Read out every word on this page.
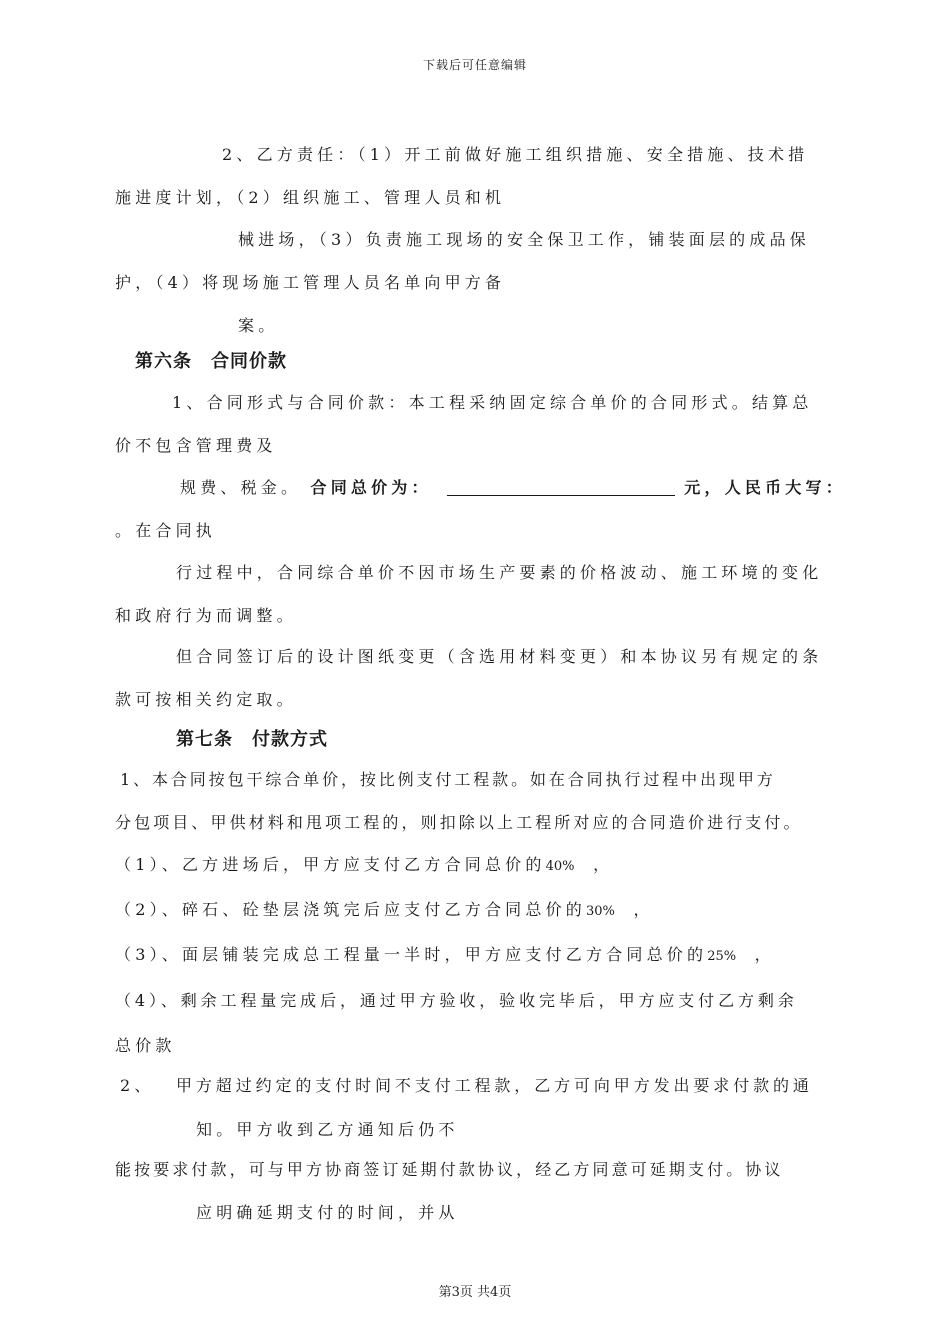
下载后可任意编辑
2、乙方责任：（1）开工前做好施工组织措施、安全措施、技术措
施进度计划，（2）组织施工、管理人员和机
械进场，（3）负责施工现场的安全保卫工作，铺装面层的成品保
护，（4）将现场施工管理人员名单向甲方备
案。
第六条　合同价款
1、合同形式与合同价款：本工程采纳固定综合单价的合同形式。结算总
价不包含管理费及
规费、税金。 合同总价为：	元，人民币大写：
。在合同执
行过程中，合同综合单价不因市场生产要素的价格波动、施工环境的变化
和政府行为而调整。
但合同签订后的设计图纸变更（含选用材料变更）和本协议另有规定的条
款可按相关约定取。
第七条　付款方式
1、本合同按包干综合单价，按比例支付工程款。如在合同执行过程中出现甲方
分包项目、甲供材料和甩项工程的，则扣除以上工程所对应的合同造价进行支付。
（1）、乙方进场后，甲方应支付乙方合同总价的40% ，
（2）、碎石、砼垫层浇筑完后应支付乙方合同总价的30% ，
（3）、面层铺装完成总工程量一半时，甲方应支付乙方合同总价的25% ，
（4）、剩余工程量完成后，通过甲方验收，验收完毕后，甲方应支付乙方剩余
总价款
2、 甲方超过约定的支付时间不支付工程款，乙方可向甲方发出要求付款的通
知。甲方收到乙方通知后仍不
能按要求付款，可与甲方协商签订延期付款协议，经乙方同意可延期支付。协议
应明确延期支付的时间，并从
第3页 共4页
